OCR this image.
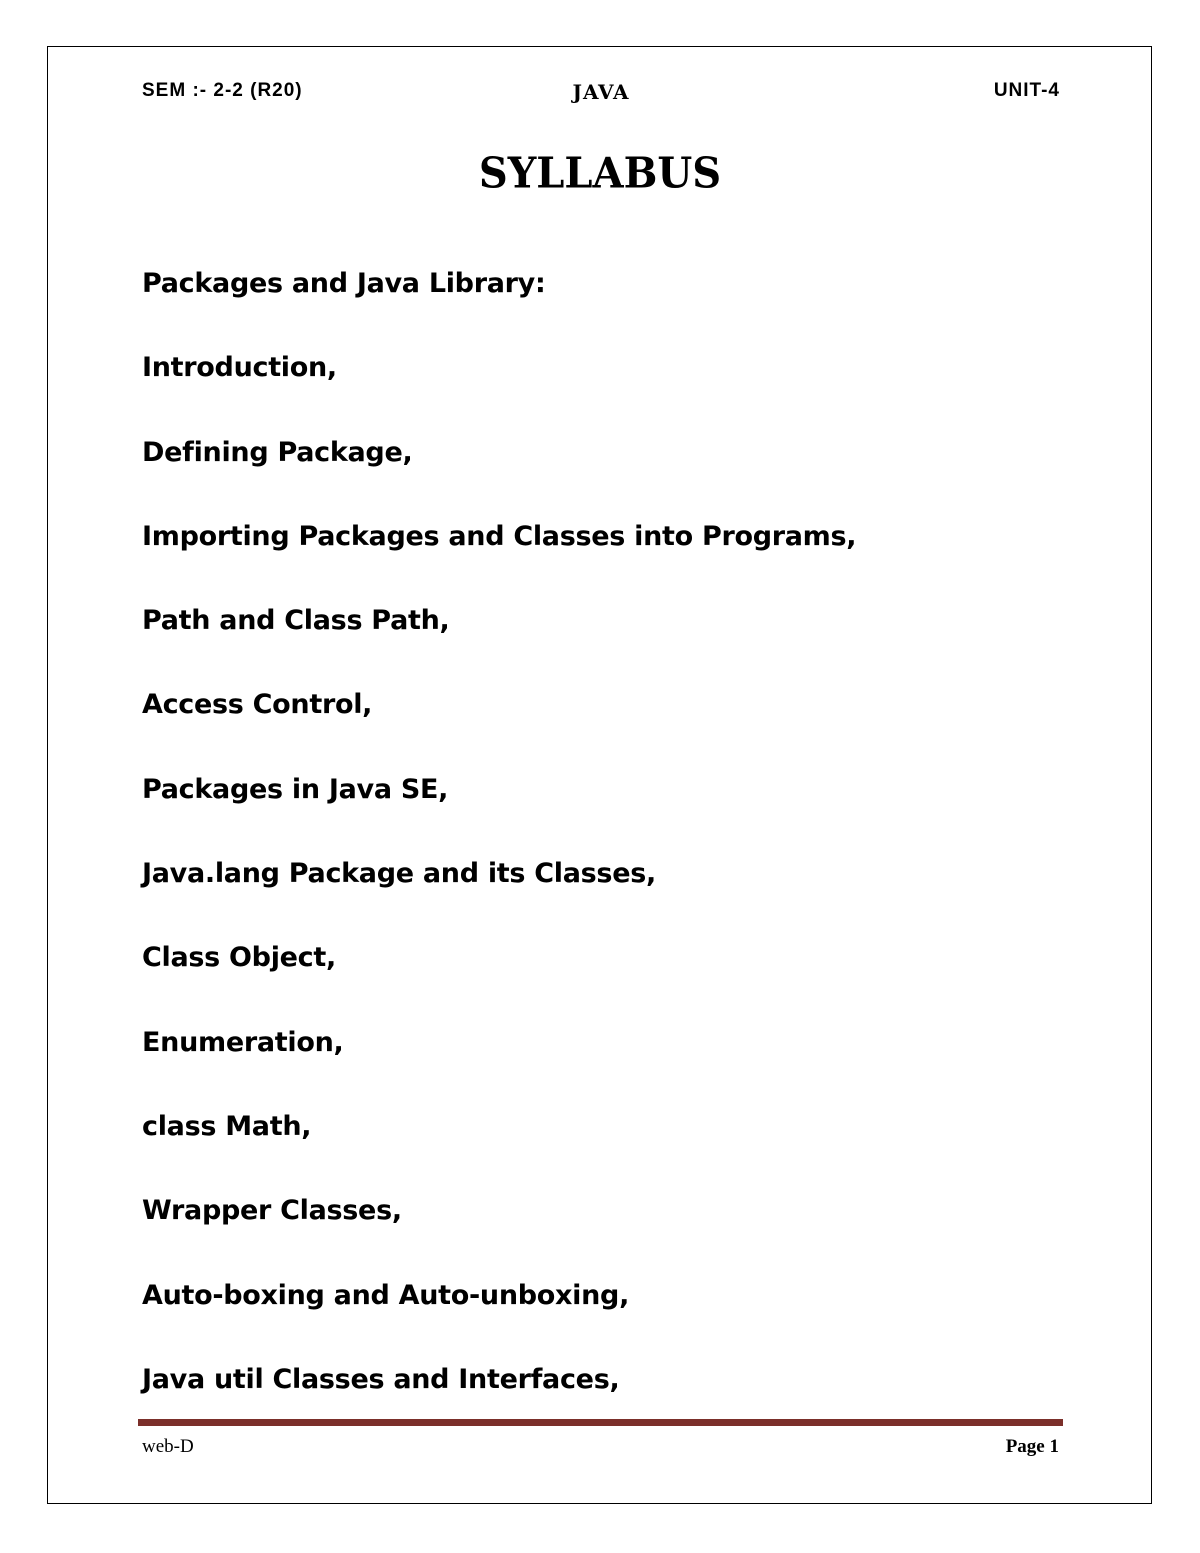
SEM :- 2-2 (R20)	JAVA	UNIT-4
SYLLABUS
Packages and Java Library:
Introduction,
Defining Package,
Importing Packages and Classes into Programs,
Path and Class Path,
Access Control,
Packages in Java SE,
Java.lang Package and its Classes,
Class Object,
Enumeration,
class Math,
Wrapper Classes,
Auto-boxing and Auto-unboxing,
Java util Classes and Interfaces,
web-D	Page 1
